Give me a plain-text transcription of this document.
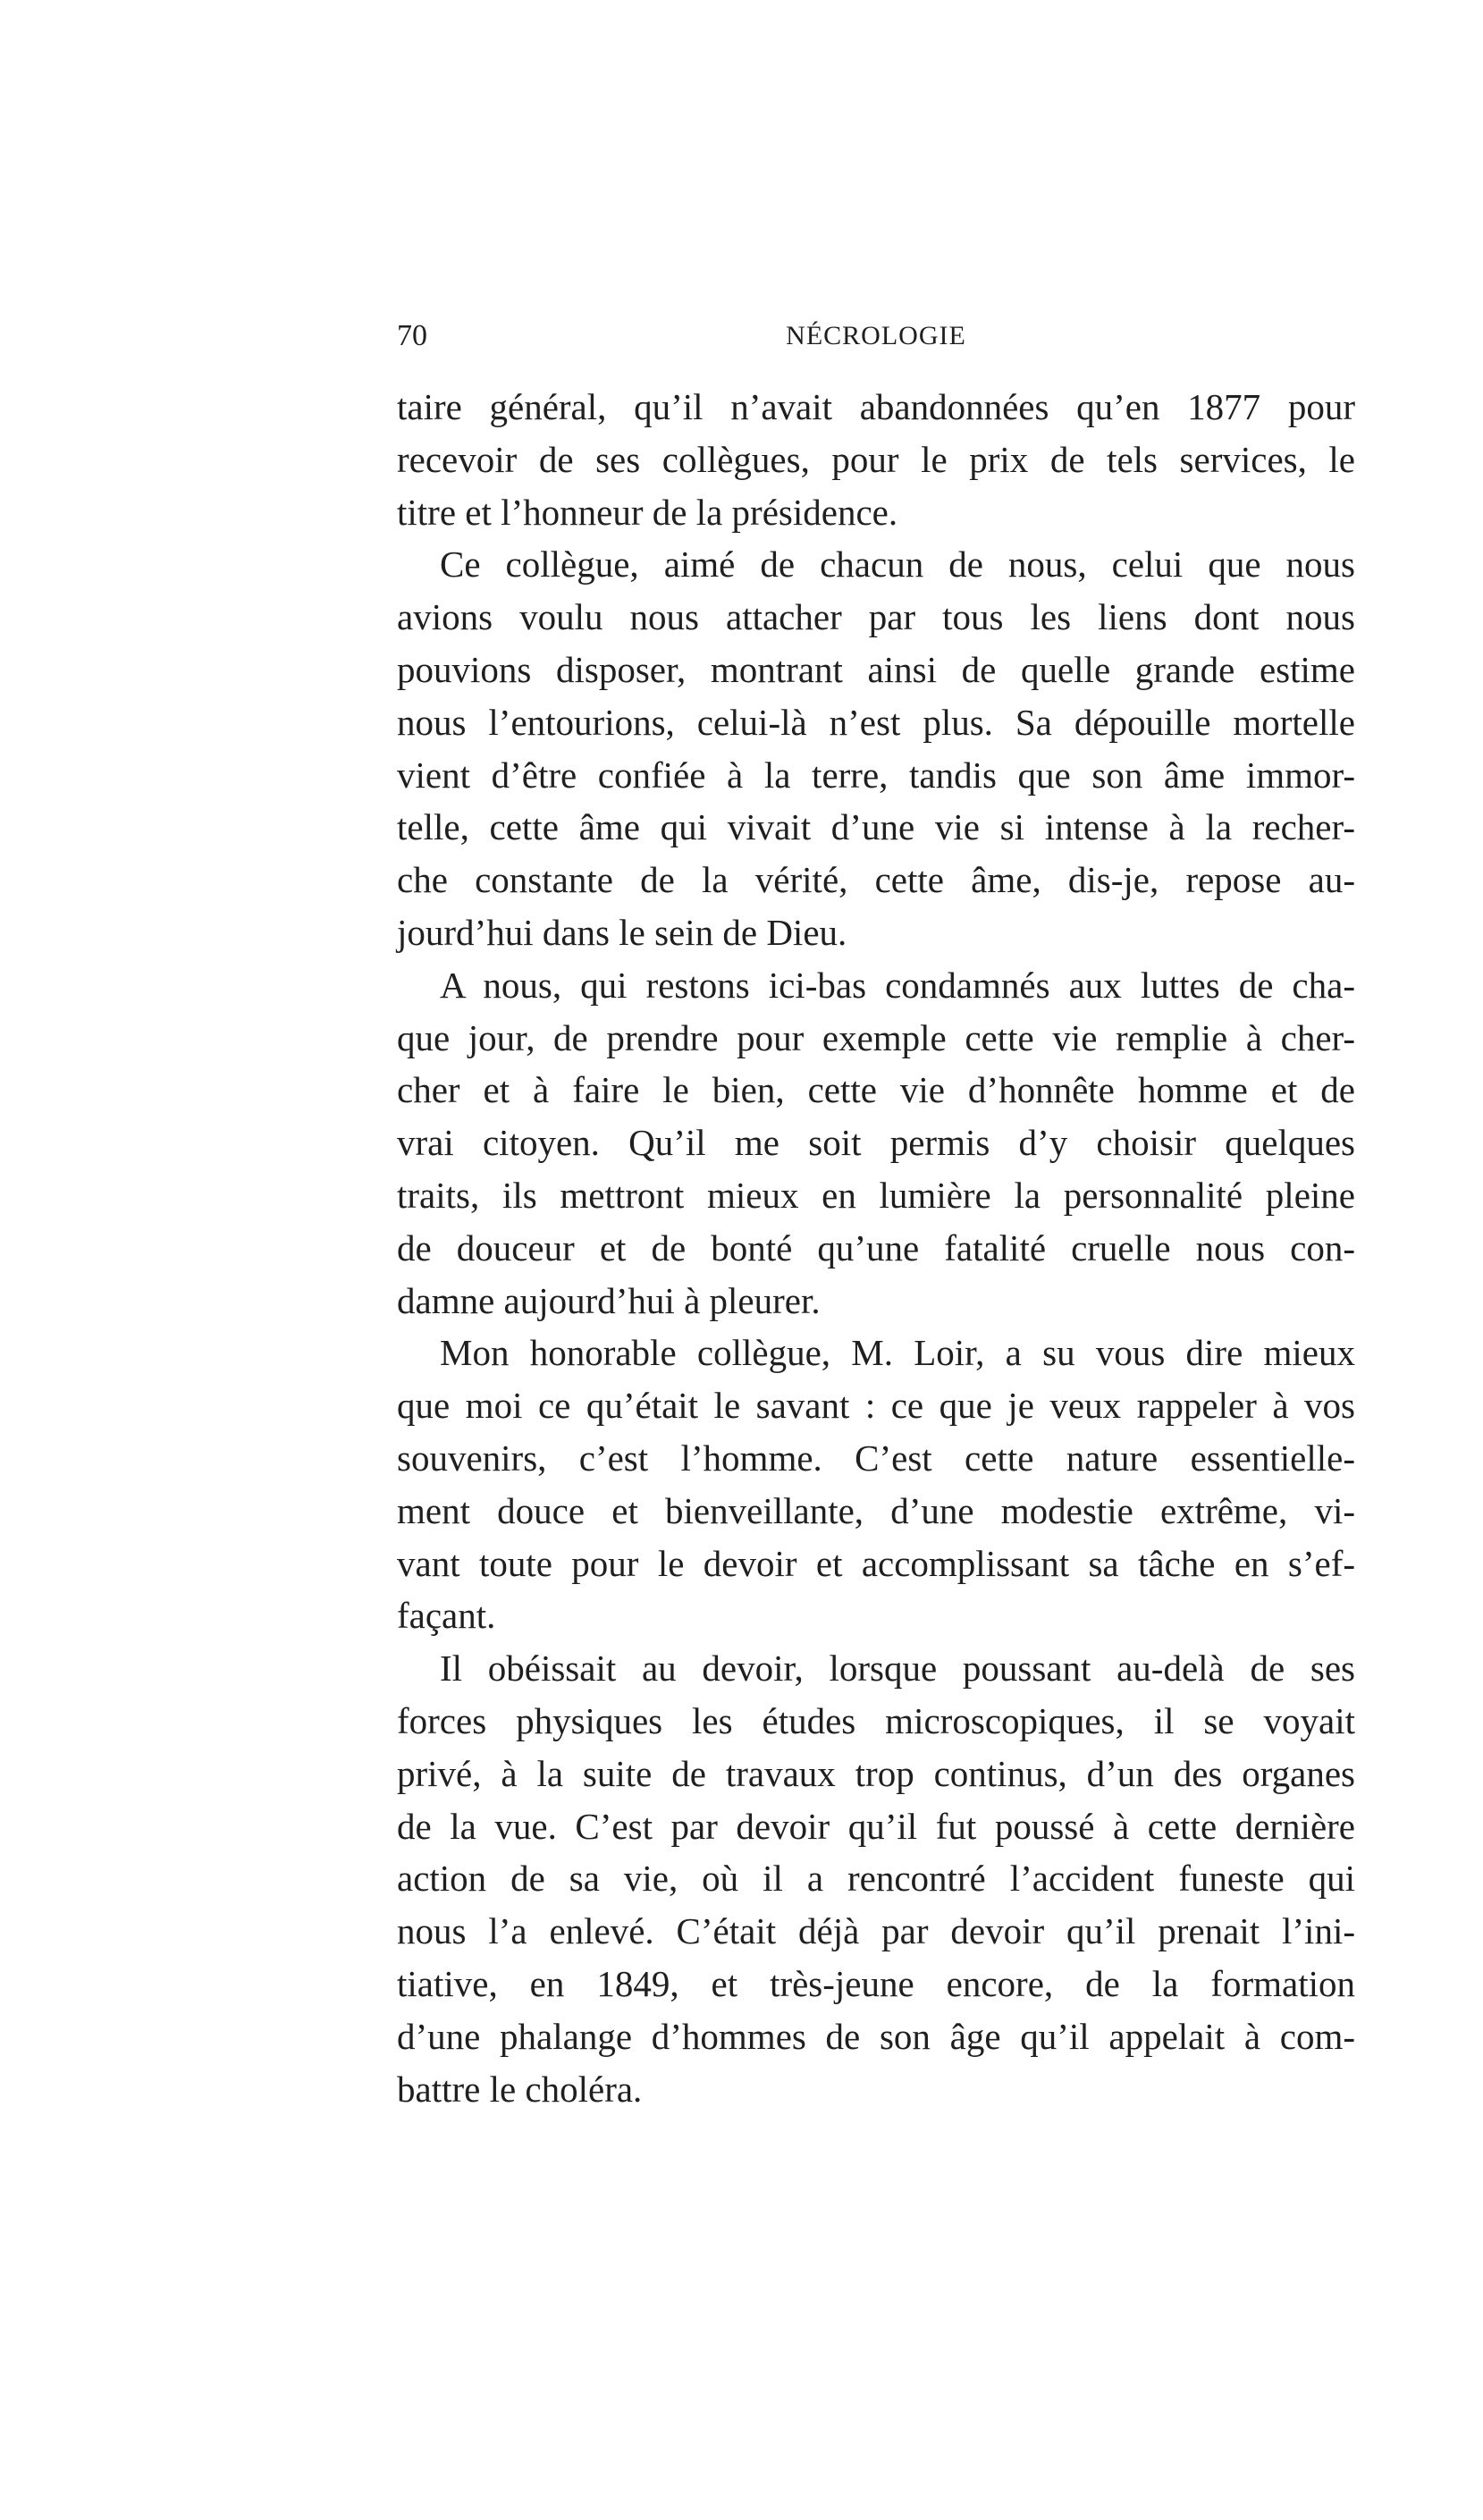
70	NÉCROLOGIE
taire général, qu’il n’avait abandonnées qu’en 1877 pour
recevoir de ses collègues, pour le prix de tels services, le
titre et l’honneur de la présidence.
Ce collègue, aimé de chacun de nous, celui que nous
avions voulu nous attacher par tous les liens dont nous
pouvions disposer, montrant ainsi de quelle grande estime
nous l’entourions, celui-là n’est plus. Sa dépouille mortelle
vient d’être confiée à la terre, tandis que son âme immor-
telle, cette âme qui vivait d’une vie si intense à la recher-
che constante de la vérité, cette âme, dis-je, repose au-
jourd’hui dans le sein de Dieu.
A nous, qui restons ici-bas condamnés aux luttes de cha-
que jour, de prendre pour exemple cette vie remplie à cher-
cher et à faire le bien, cette vie d’honnête homme et de
vrai citoyen. Qu’il me soit permis d’y choisir quelques
traits, ils mettront mieux en lumière la personnalité pleine
de douceur et de bonté qu’une fatalité cruelle nous con-
damne aujourd’hui à pleurer.
Mon honorable collègue, M. Loir, a su vous dire mieux
que moi ce qu’était le savant : ce que je veux rappeler à vos
souvenirs, c’est l’homme. C’est cette nature essentielle-
ment douce et bienveillante, d’une modestie extrême, vi-
vant toute pour le devoir et accomplissant sa tâche en s’ef-
façant.
Il obéissait au devoir, lorsque poussant au-delà de ses
forces physiques les études microscopiques, il se voyait
privé, à la suite de travaux trop continus, d’un des organes
de la vue. C’est par devoir qu’il fut poussé à cette dernière
action de sa vie, où il a rencontré l’accident funeste qui
nous l’a enlevé. C’était déjà par devoir qu’il prenait l’ini-
tiative, en 1849, et très-jeune encore, de la formation
d’une phalange d’hommes de son âge qu’il appelait à com-
battre le choléra.
